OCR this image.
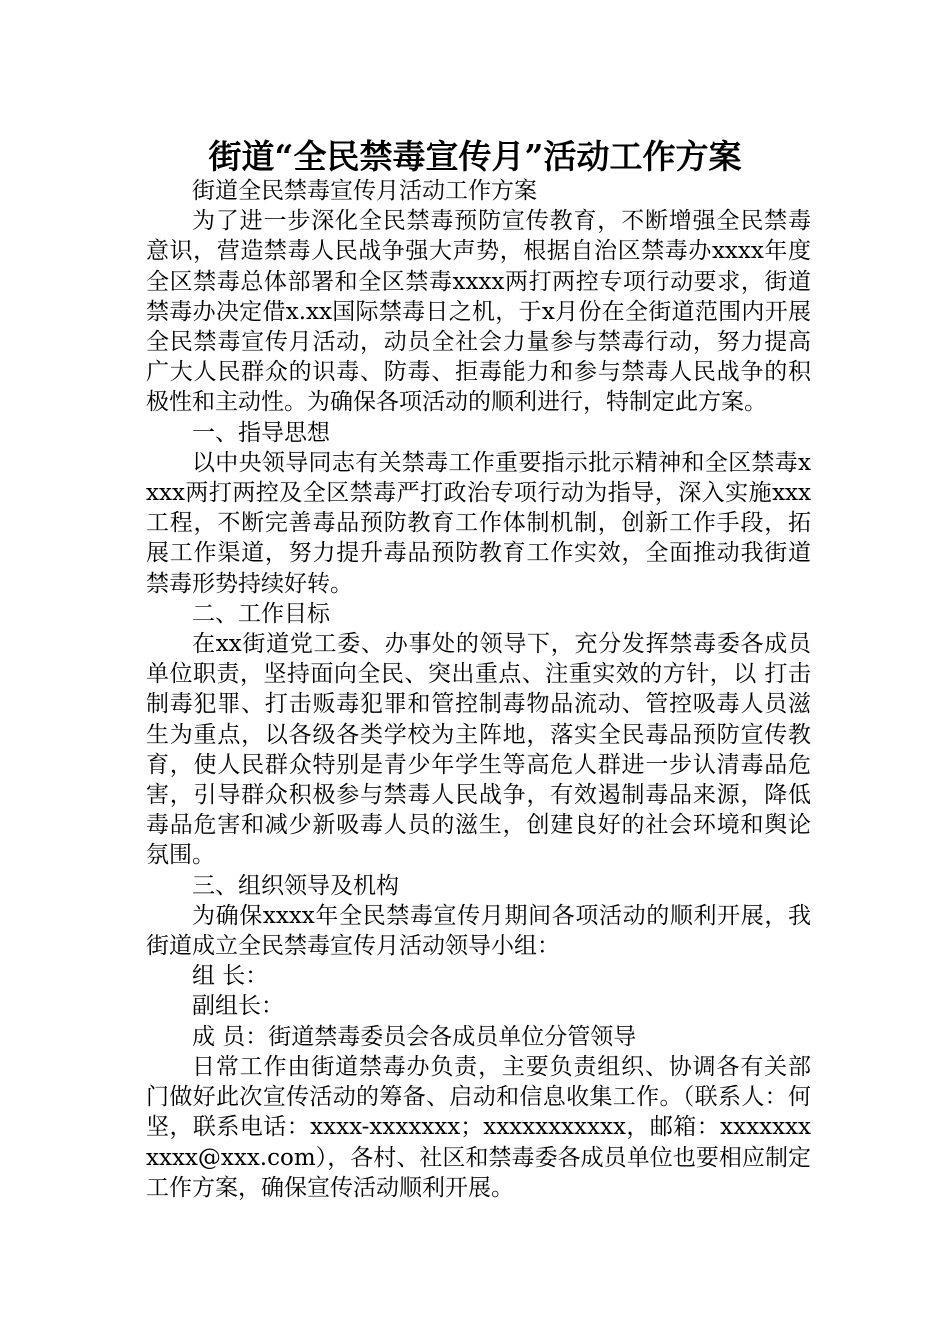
街道“全民禁毒宣传月”活动工作方案

街道全民禁毒宣传月活动工作方案

为了进一步深化全民禁毒预防宣传教育，不断增强全民禁毒意识，营造禁毒人民战争强大声势，根据自治区禁毒办xxxx年度全区禁毒总体部署和全区禁毒xxxx两打两控专项行动要求，街道禁毒办决定借x.xx国际禁毒日之机，于x月份在全街道范围内开展全民禁毒宣传月活动，动员全社会力量参与禁毒行动，努力提高广大人民群众的识毒、防毒、拒毒能力和参与禁毒人民战争的积极性和主动性。为确保各项活动的顺利进行，特制定此方案。

一、指导思想

以中央领导同志有关禁毒工作重要指示批示精神和全区禁毒xxxx两打两控及全区禁毒严打政治专项行动为指导，深入实施xxx工程，不断完善毒品预防教育工作体制机制，创新工作手段，拓展工作渠道，努力提升毒品预防教育工作实效，全面推动我街道禁毒形势持续好转。

二、工作目标

在xx街道党工委、办事处的领导下，充分发挥禁毒委各成员单位职责，坚持面向全民、突出重点、注重实效的方针，以 打击制毒犯罪、打击贩毒犯罪和管控制毒物品流动、管控吸毒人员滋生为重点，以各级各类学校为主阵地，落实全民毒品预防宣传教育，使人民群众特别是青少年学生等高危人群进一步认清毒品危害，引导群众积极参与禁毒人民战争，有效遏制毒品来源，降低毒品危害和减少新吸毒人员的滋生，创建良好的社会环境和舆论氛围。

三、组织领导及机构

为确保xxxx年全民禁毒宣传月期间各项活动的顺利开展，我街道成立全民禁毒宣传月活动领导小组：

组 长：

副组长：

成 员：街道禁毒委员会各成员单位分管领导

日常工作由街道禁毒办负责，主要负责组织、协调各有关部门做好此次宣传活动的筹备、启动和信息收集工作。（联系人：何坚，联系电话：xxxx-xxxxxxx；xxxxxxxxxxx，邮箱：xxxxxxxxxxx@xxx.com），各村、社区和禁毒委各成员单位也要相应制定工作方案，确保宣传活动顺利开展。
